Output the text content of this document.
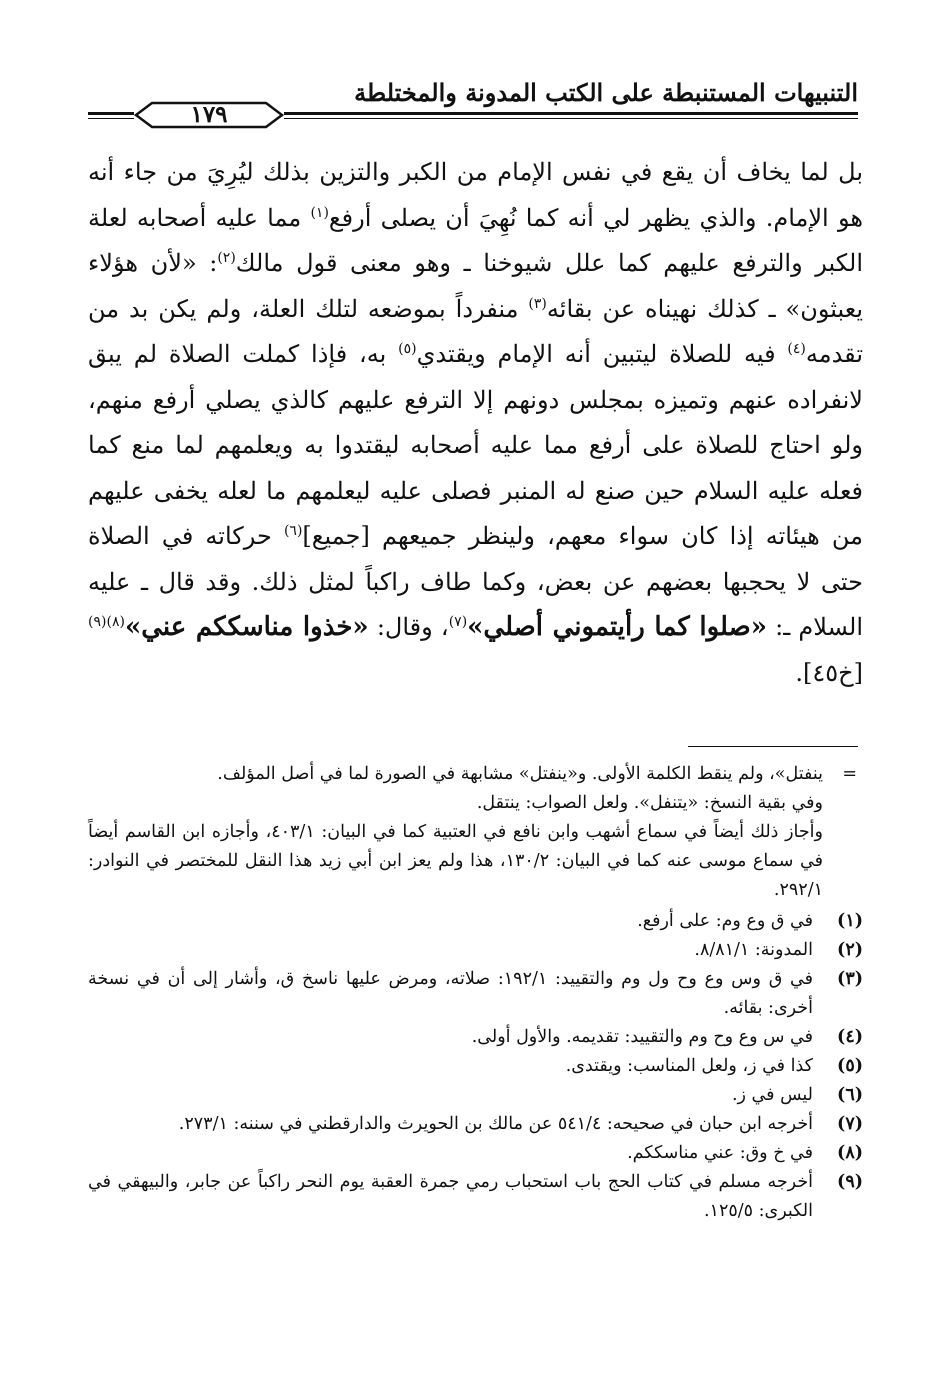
التنبيهات المستنبطة على الكتب المدونة والمختلطة
١٧٩

بل لما يخاف أن يقع في نفس الإمام من الكبر والتزين بذلك ليُرِيَ من جاء أنه هو الإمام. والذي يظهر لي أنه كما نُهِيَ أن يصلى أرفع$^{(١)}$ مما عليه أصحابه لعلة الكبر والترفع عليهم كما علل شيوخنا ـ وهو معنى قول مالك$^{(٢)}$: «لأن هؤلاء يعبثون» ـ كذلك نهيناه عن بقائه$^{(٣)}$ منفرداً بموضعه لتلك العلة، ولم يكن بد من تقدمه$^{(٤)}$ فيه للصلاة ليتبين أنه الإمام ويقتدي$^{(٥)}$ به، فإذا كملت الصلاة لم يبق لانفراده عنهم وتميزه بمجلس دونهم إلا الترفع عليهم كالذي يصلي أرفع منهم، ولو احتاج للصلاة على أرفع مما عليه أصحابه ليقتدوا به ويعلمهم لما منع كما فعله عليه السلام حين صنع له المنبر فصلى عليه ليعلمهم ما لعله يخفى عليهم من هيئاته إذا كان سواء معهم، ولينظر جميعهم [جميع]$^{(٦)}$ حركاته في الصلاة حتى لا يحجبها بعضهم عن بعض، وكما طاف راكباً لمثل ذلك. وقد قال ـ عليه السلام ـ: «صلوا كما رأيتموني أصلي»$^{(٧)}$، وقال: «خذوا مناسككم عني»$^{(٨)(٩)}$[خ٤٥].

=

ينفتل»، ولم ينقط الكلمة الأولى. و«ينفتل» مشابهة في الصورة لما في أصل المؤلف.

وفي بقية النسخ: «يتنفل». ولعل الصواب: ينتقل.

وأجاز ذلك أيضاً في سماع أشهب وابن نافع في العتبية كما في البيان: ٤٠٣/١، وأجازه ابن القاسم أيضاً في سماع موسى عنه كما في البيان: ١٣٠/٢، هذا ولم يعز ابن أبي زيد هذا النقل للمختصر في النوادر: ٢٩٢/١.

(١)
في ق وع وم: على أرفع.
(٢)
المدونة: ٨/٨١/١.
(٣)
في ق وس وع وح ول وم والتقييد: ١٩٢/١: صلاته، ومرض عليها ناسخ ق، وأشار إلى أن في نسخة أخرى: بقائه.
(٤)
في س وع وح وم والتقييد: تقديمه. والأول أولى.
(٥)
كذا في ز، ولعل المناسب: ويقتدى.
(٦)
ليس في ز.
(٧)
أخرجه ابن حبان في صحيحه: ٥٤١/٤ عن مالك بن الحويرث والدارقطني في سننه: ٢٧٣/١.
(٨)
في خ وق: عني مناسككم.
(٩)
أخرجه مسلم في كتاب الحج باب استحباب رمي جمرة العقبة يوم النحر راكباً عن جابر، والبيهقي في الكبرى: ١٢٥/٥.
